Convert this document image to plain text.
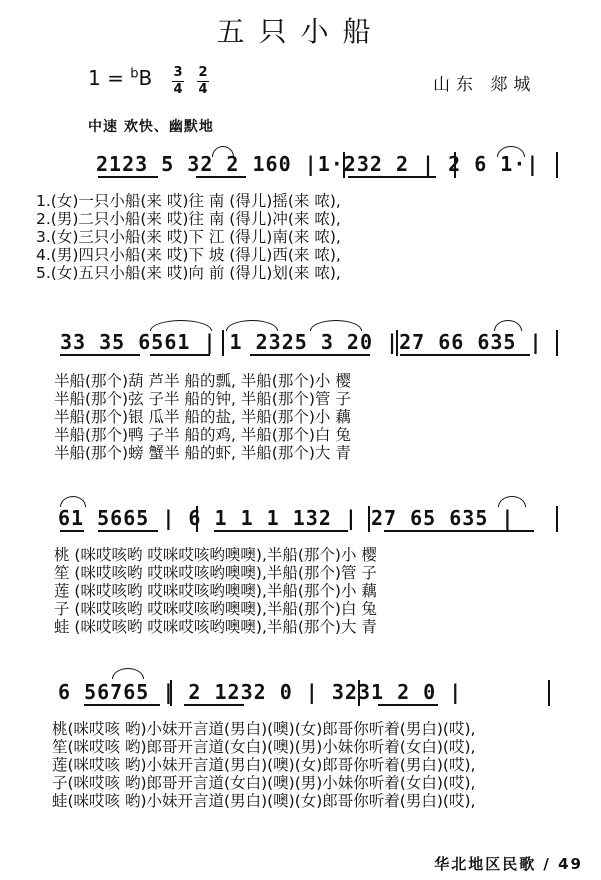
五只小船
1 = $^b$B 3
4
2
4	山东 郯城
中速 欢快、幽默地
2123 5 32 2 160 |1·232 2 | 2 6 1·|
1.(女)一只小船(来 哎)往 南 (得儿)摇(来 哝),
2.(男)二只小船(来 哎)往 南 (得儿)冲(来 哝),
3.(女)三只小船(来 哎)下 江 (得儿)南(来 哝),
4.(男)四只小船(来 哎)下 坡 (得儿)西(来 哝),
5.(女)五只小船(来 哎)向 前 (得儿)划(来 哝),
33 35 6561 | 1 2325 3 20 |27 66 635 |
半船(那个)葫 芦半 船的瓢, 半船(那个)小 樱
半船(那个)弦 子半 船的钟, 半船(那个)管 子
半船(那个)银 瓜半 船的盐, 半船(那个)小 藕
半船(那个)鸭 子半 船的鸡, 半船(那个)白 兔
半船(那个)螃 蟹半 船的虾, 半船(那个)大 青
61 5665 | 6 1 1 1 132 | 27 65 635 |
桃 (咪哎咳哟 哎咪哎咳哟噢噢),半船(那个)小 樱
笙 (咪哎咳哟 哎咪哎咳哟噢噢),半船(那个)管 子
莲 (咪哎咳哟 哎咪哎咳哟噢噢),半船(那个)小 藕
子 (咪哎咳哟 哎咪哎咳哟噢噢),半船(那个)白 兔
蛙 (咪哎咳哟 哎咪哎咳哟噢噢),半船(那个)大 青
6 56765 | 2 1232 0 | 3231 2 0 |
桃(咪哎咳 哟)小妹开言道(男白)(噢)(女)郎哥你听着(男白)(哎),
笙(咪哎咳 哟)郎哥开言道(女白)(噢)(男)小妹你听着(女白)(哎),
莲(咪哎咳 哟)小妹开言道(男白)(噢)(女)郎哥你听着(男白)(哎),
子(咪哎咳 哟)郎哥开言道(女白)(噢)(男)小妹你听着(女白)(哎),
蛙(咪哎咳 哟)小妹开言道(男白)(噢)(女)郎哥你听着(男白)(哎),
华北地区民歌 / 49
